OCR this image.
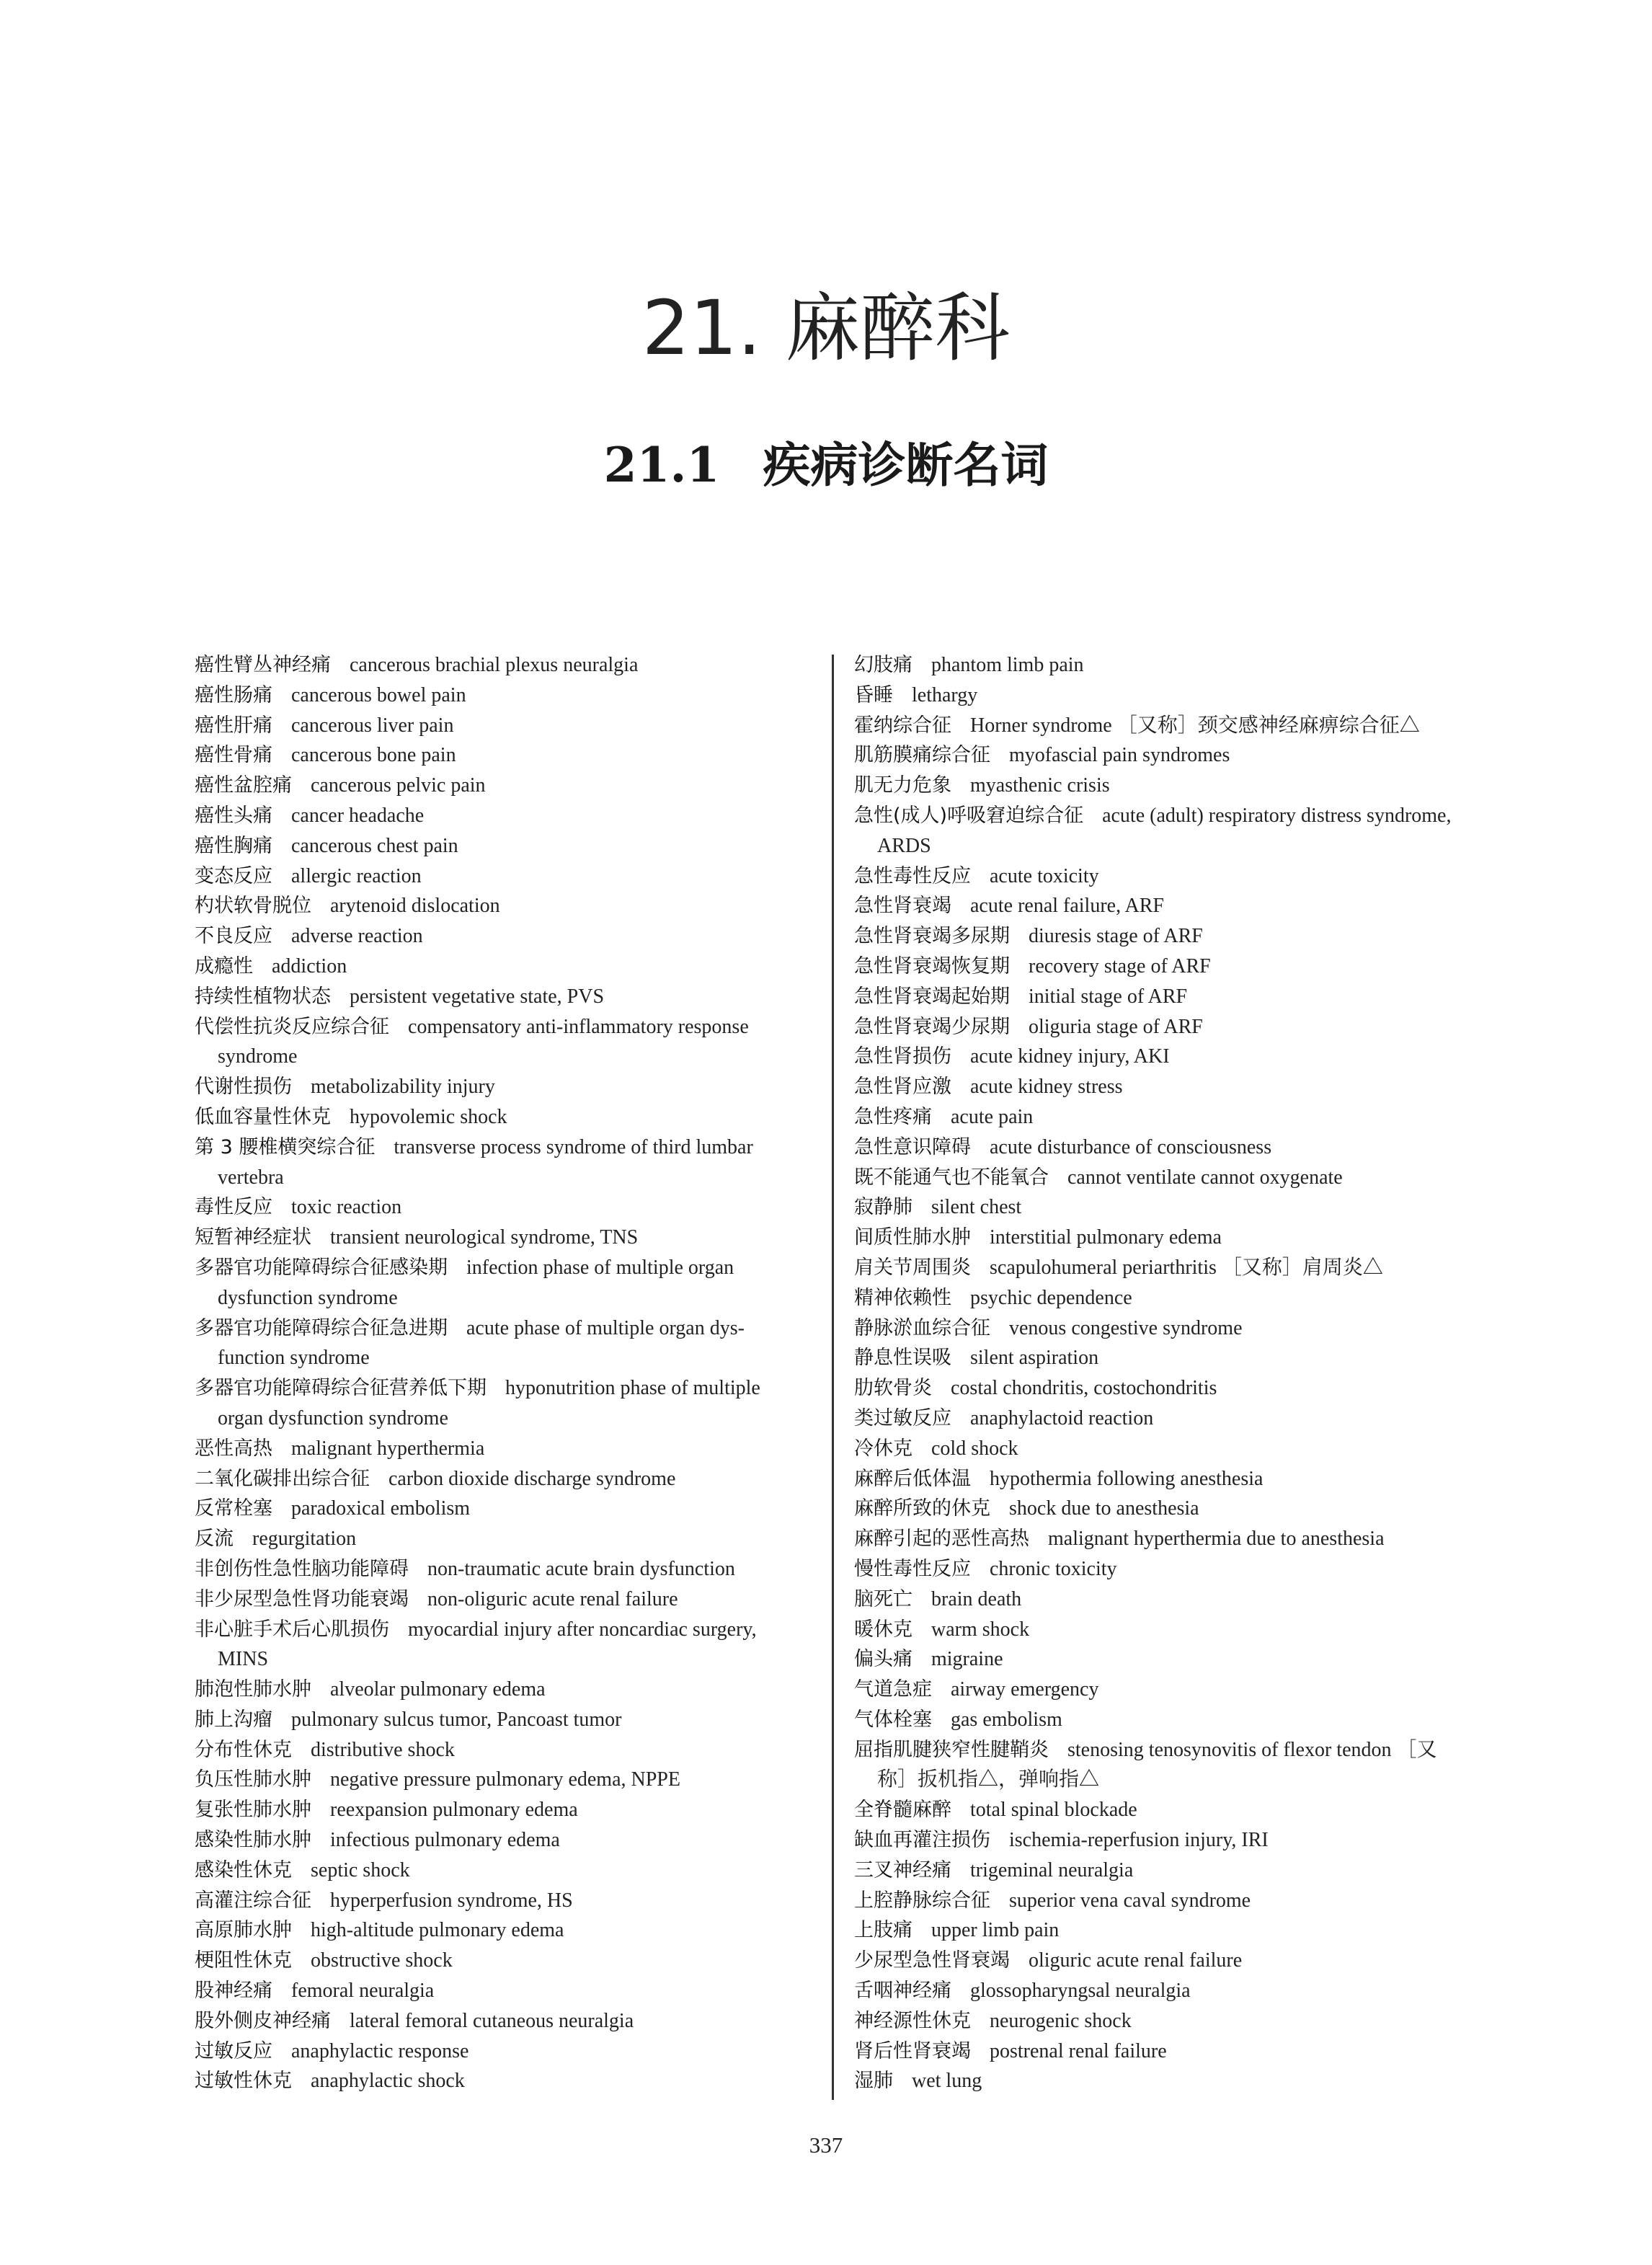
21. 麻醉科
21.1 疾病诊断名词
癌性臂丛神经痛 cancerous brachial plexus neuralgia
癌性肠痛 cancerous bowel pain
癌性肝痛 cancerous liver pain
癌性骨痛 cancerous bone pain
癌性盆腔痛 cancerous pelvic pain
癌性头痛 cancer headache
癌性胸痛 cancerous chest pain
变态反应 allergic reaction
杓状软骨脱位 arytenoid dislocation
不良反应 adverse reaction
成瘾性 addiction
持续性植物状态 persistent vegetative state, PVS
代偿性抗炎反应综合征 compensatory anti-inflammatory response
syndrome
代谢性损伤 metabolizability injury
低血容量性休克 hypovolemic shock
第 3 腰椎横突综合征 transverse process syndrome of third lumbar
vertebra
毒性反应 toxic reaction
短暂神经症状 transient neurological syndrome, TNS
多器官功能障碍综合征感染期 infection phase of multiple organ
dysfunction syndrome
多器官功能障碍综合征急进期 acute phase of multiple organ dys-
function syndrome
多器官功能障碍综合征营养低下期 hyponutrition phase of multiple
organ dysfunction syndrome
恶性高热 malignant hyperthermia
二氧化碳排出综合征 carbon dioxide discharge syndrome
反常栓塞 paradoxical embolism
反流 regurgitation
非创伤性急性脑功能障碍 non-traumatic acute brain dysfunction
非少尿型急性肾功能衰竭 non-oliguric acute renal failure
非心脏手术后心肌损伤 myocardial injury after noncardiac surgery,
MINS
肺泡性肺水肿 alveolar pulmonary edema
肺上沟瘤 pulmonary sulcus tumor, Pancoast tumor
分布性休克 distributive shock
负压性肺水肿 negative pressure pulmonary edema, NPPE
复张性肺水肿 reexpansion pulmonary edema
感染性肺水肿 infectious pulmonary edema
感染性休克 septic shock
高灌注综合征 hyperperfusion syndrome, HS
高原肺水肿 high-altitude pulmonary edema
梗阻性休克 obstructive shock
股神经痛 femoral neuralgia
股外侧皮神经痛 lateral femoral cutaneous neuralgia
过敏反应 anaphylactic response
过敏性休克 anaphylactic shock
幻肢痛 phantom limb pain
昏睡 lethargy
霍纳综合征 Horner syndrome ［又称］颈交感神经麻痹综合征△
肌筋膜痛综合征 myofascial pain syndromes
肌无力危象 myasthenic crisis
急性(成人)呼吸窘迫综合征 acute (adult) respiratory distress syndrome,
ARDS
急性毒性反应 acute toxicity
急性肾衰竭 acute renal failure, ARF
急性肾衰竭多尿期 diuresis stage of ARF
急性肾衰竭恢复期 recovery stage of ARF
急性肾衰竭起始期 initial stage of ARF
急性肾衰竭少尿期 oliguria stage of ARF
急性肾损伤 acute kidney injury, AKI
急性肾应激 acute kidney stress
急性疼痛 acute pain
急性意识障碍 acute disturbance of consciousness
既不能通气也不能氧合 cannot ventilate cannot oxygenate
寂静肺 silent chest
间质性肺水肿 interstitial pulmonary edema
肩关节周围炎 scapulohumeral periarthritis ［又称］肩周炎△
精神依赖性 psychic dependence
静脉淤血综合征 venous congestive syndrome
静息性误吸 silent aspiration
肋软骨炎 costal chondritis, costochondritis
类过敏反应 anaphylactoid reaction
冷休克 cold shock
麻醉后低体温 hypothermia following anesthesia
麻醉所致的休克 shock due to anesthesia
麻醉引起的恶性高热 malignant hyperthermia due to anesthesia
慢性毒性反应 chronic toxicity
脑死亡 brain death
暖休克 warm shock
偏头痛 migraine
气道急症 airway emergency
气体栓塞 gas embolism
屈指肌腱狭窄性腱鞘炎 stenosing tenosynovitis of flexor tendon ［又
称］扳机指△，弹响指△
全脊髓麻醉 total spinal blockade
缺血再灌注损伤 ischemia-reperfusion injury, IRI
三叉神经痛 trigeminal neuralgia
上腔静脉综合征 superior vena caval syndrome
上肢痛 upper limb pain
少尿型急性肾衰竭 oliguric acute renal failure
舌咽神经痛 glossopharyngsal neuralgia
神经源性休克 neurogenic shock
肾后性肾衰竭 postrenal renal failure
湿肺 wet lung
337
